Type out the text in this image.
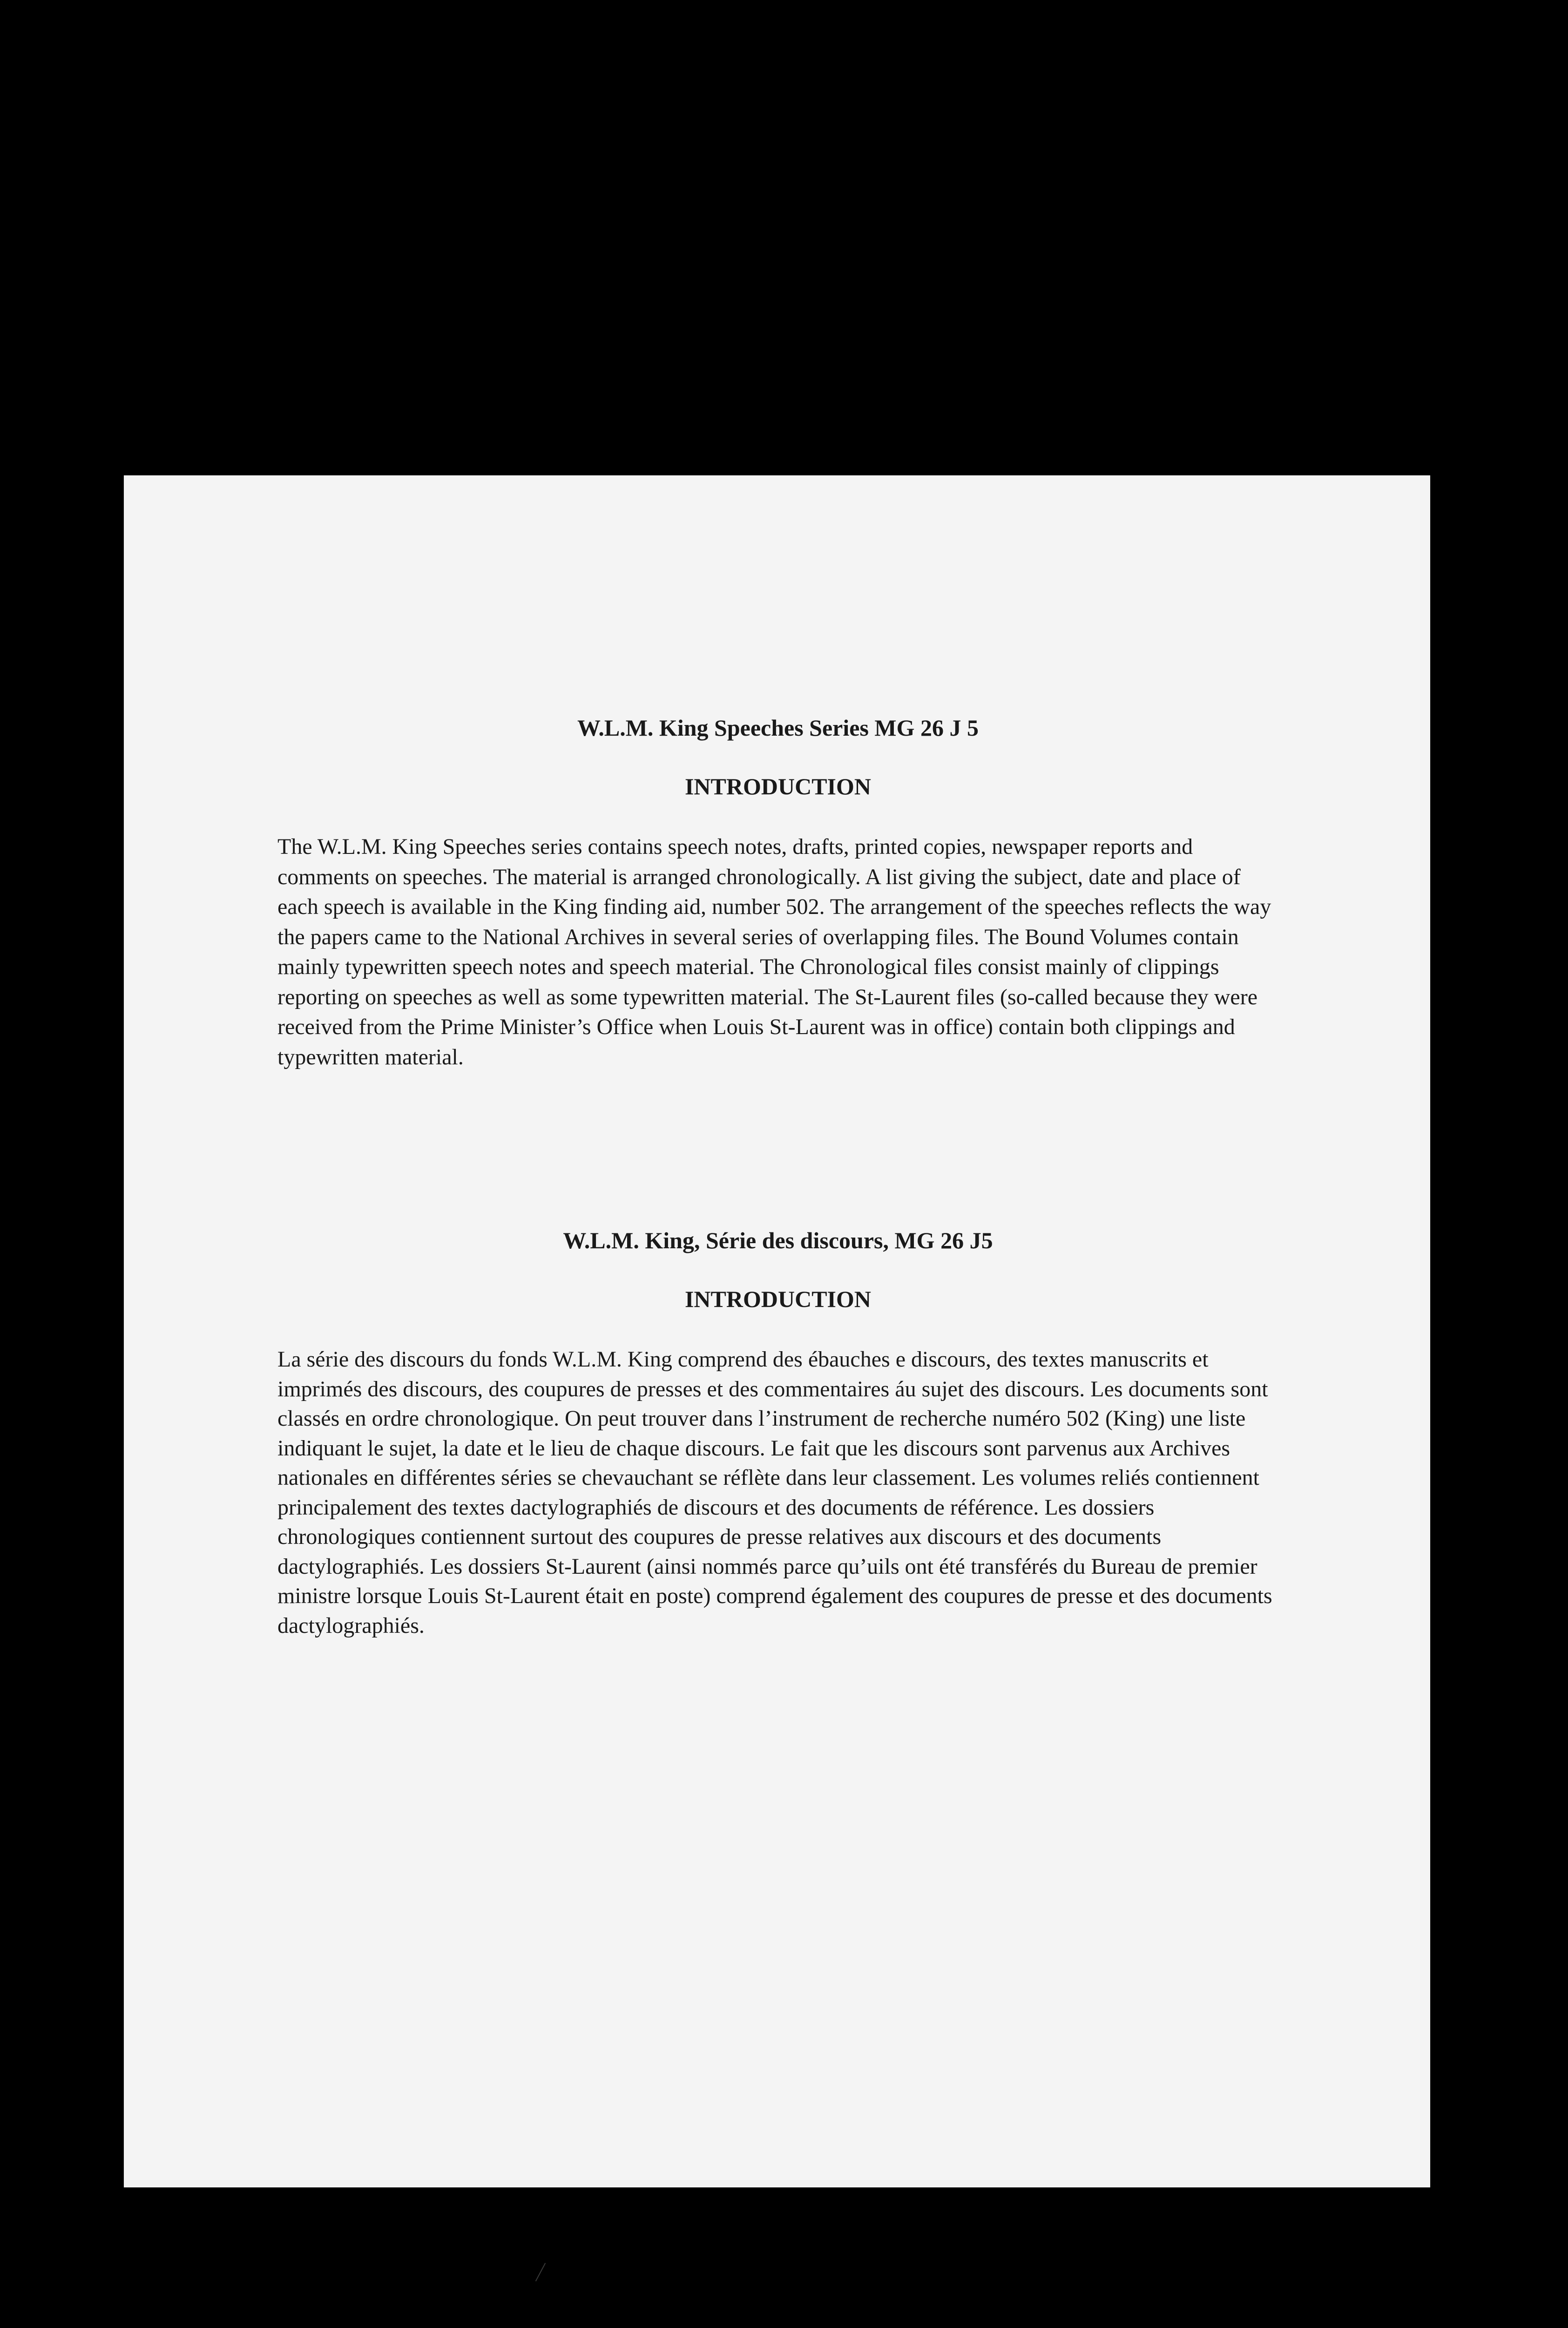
W.L.M. King Speeches Series MG 26 J 5

INTRODUCTION

The W.L.M. King Speeches series contains speech notes, drafts, printed copies, newspaper reports and comments on speeches. The material is arranged chronologically. A list giving the subject, date and place of each speech is available in the King finding aid, number 502. The arrangement of the speeches reflects the way the papers came to the National Archives in several series of overlapping files. The Bound Volumes contain mainly typewritten speech notes and speech material. The Chronological files consist mainly of clippings reporting on speeches as well as some typewritten material. The St-Laurent files (so-called because they were received from the Prime Minister’s Office when Louis St-Laurent was in office) contain both clippings and typewritten material.

W.L.M. King, Série des discours, MG 26 J5

INTRODUCTION

La série des discours du fonds W.L.M. King comprend des ébauches e discours, des textes manuscrits et imprimés des discours, des coupures de presses et des commentaires áu sujet des discours. Les documents sont classés en ordre chronologique. On peut trouver dans l’instrument de recherche numéro 502 (King) une liste indiquant le sujet, la date et le lieu de chaque discours. Le fait que les discours sont parvenus aux Archives nationales en différentes séries se chevauchant se réflète dans leur classement. Les volumes reliés contiennent principalement des textes dactylographiés de discours et des documents de référence. Les dossiers chronologiques contiennent surtout des coupures de presse relatives aux discours et des documents dactylographiés. Les dossiers St-Laurent (ainsi nommés parce qu’uils ont été transférés du Bureau de premier ministre lorsque Louis St-Laurent était en poste) comprend également des coupures de presse et des documents dactylographiés.
